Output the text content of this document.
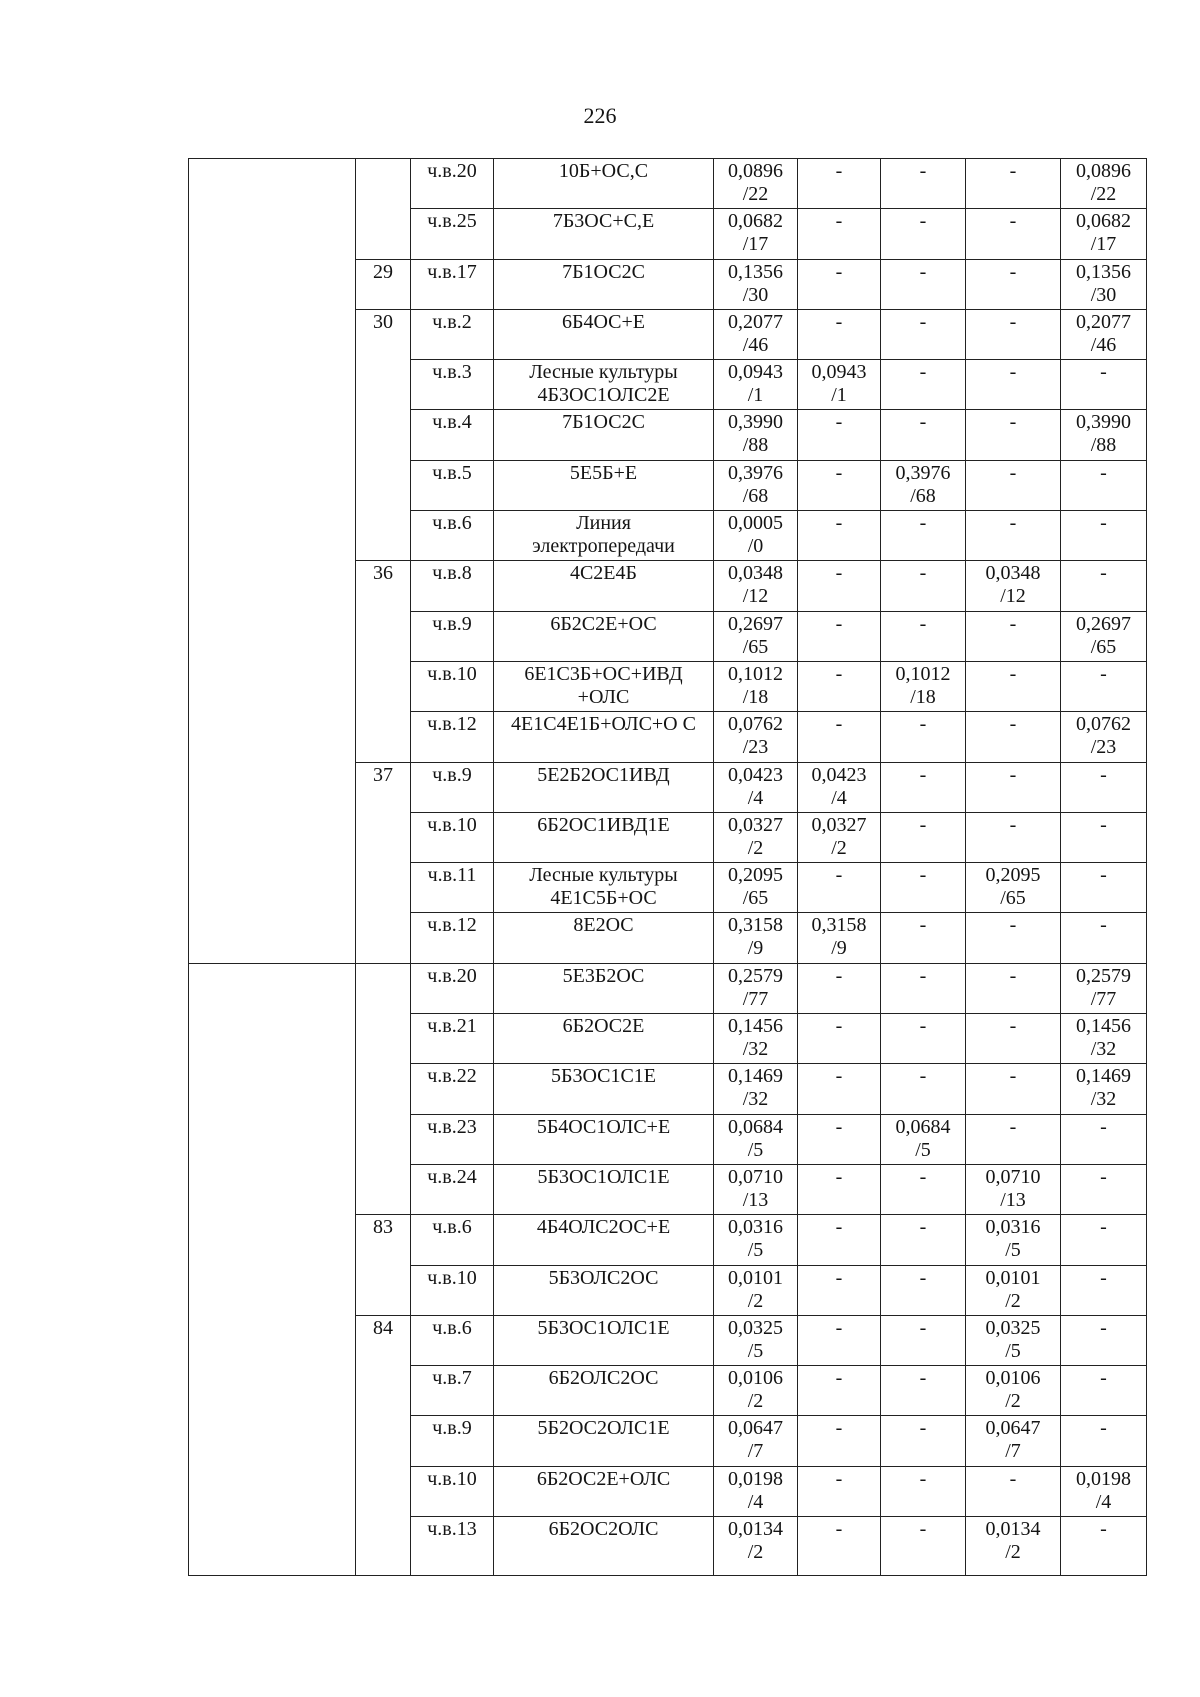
226

		ч.в.20	10Б+ОС,С	0,0896
/22	-	-	-	0,0896
/22

		ч.в.25	7Б3ОС+С,Е	0,0682
/17	-	-	-	0,0682
/17

	29	ч.в.17	7Б1ОС2С	0,1356
/30	-	-	-	0,1356
/30

	30	ч.в.2	6Б4ОС+Е	0,2077
/46	-	-	-	0,2077
/46

		ч.в.3	Лесные культуры
4Б3ОС1ОЛС2Е	0,0943
/1	0,0943
/1	-	-	-

		ч.в.4	7Б1ОС2С	0,3990
/88	-	-	-	0,3990
/88

		ч.в.5	5Е5Б+Е	0,3976
/68	-	0,3976
/68	-	-

		ч.в.6	Линия
электропередачи	0,0005
/0	-	-	-	-

	36	ч.в.8	4С2Е4Б	0,0348
/12	-	-	0,0348
/12	-

		ч.в.9	6Б2С2Е+ОС	0,2697
/65	-	-	-	0,2697
/65

		ч.в.10	6Е1С3Б+ОС+ИВД
+ОЛС	0,1012
/18	-	0,1012
/18	-	-

		ч.в.12	4Е1С4Е1Б+ОЛС+О С	0,0762
/23	-	-	-	0,0762
/23

	37	ч.в.9	5Е2Б2ОС1ИВД	0,0423
/4	0,0423
/4	-	-	-

		ч.в.10	6Б2ОС1ИВД1Е	0,0327
/2	0,0327
/2	-	-	-

		ч.в.11	Лесные культуры
4Е1С5Б+ОС	0,2095
/65	-	-	0,2095
/65	-

		ч.в.12	8Е2ОС	0,3158
/9	0,3158
/9	-	-	-

		ч.в.20	5Е3Б2ОС	0,2579
/77	-	-	-	0,2579
/77

		ч.в.21	6Б2ОС2Е	0,1456
/32	-	-	-	0,1456
/32

		ч.в.22	5Б3ОС1С1Е	0,1469
/32	-	-	-	0,1469
/32

		ч.в.23	5Б4ОС1ОЛС+Е	0,0684
/5	-	0,0684
/5	-	-

		ч.в.24	5Б3ОС1ОЛС1Е	0,0710
/13	-	-	0,0710
/13	-

	83	ч.в.6	4Б4ОЛС2ОС+Е	0,0316
/5	-	-	0,0316
/5	-

		ч.в.10	5Б3ОЛС2ОС	0,0101
/2	-	-	0,0101
/2	-

	84	ч.в.6	5Б3ОС1ОЛС1Е	0,0325
/5	-	-	0,0325
/5	-

		ч.в.7	6Б2ОЛС2ОС	0,0106
/2	-	-	0,0106
/2	-

		ч.в.9	5Б2ОС2ОЛС1Е	0,0647
/7	-	-	0,0647
/7	-

		ч.в.10	6Б2ОС2Е+ОЛС	0,0198
/4	-	-	-	0,0198
/4

		ч.в.13	6Б2ОС2ОЛС	0,0134
/2	-	-	0,0134
/2	-
